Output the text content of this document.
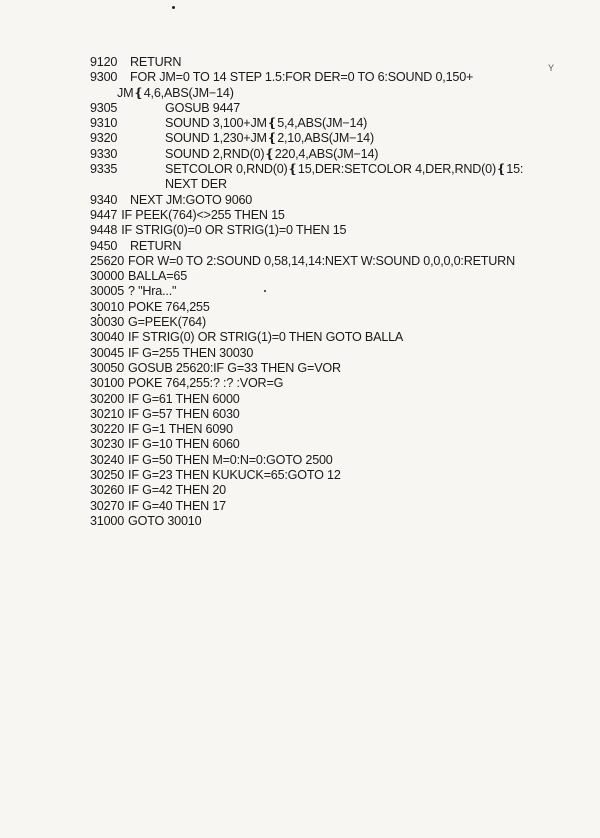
Y
9120	RETURN
9300	FOR JM=0 TO 14 STEP 1.5:FOR DER=0 TO 6:SOUND 0,150+
JM❴4,6,ABS(JM−14)
9305	GOSUB 9447
9310	SOUND 3,100+JM❴5,4,ABS(JM−14)
9320	SOUND 1,230+JM❴2,10,ABS(JM−14)
9330	SOUND 2,RND(0)❴220,4,ABS(JM−14)
9335	SETCOLOR 0,RND(0)❴15,DER:SETCOLOR 4,DER,RND(0)❴15:
NEXT DER
9340	NEXT JM:GOTO 9060
9447 IF PEEK(764)<>255 THEN 15
9448 IF STRIG(0)=0 OR STRIG(1)=0 THEN 15
9450	RETURN
25620 FOR W=0 TO 2:SOUND 0,58,14,14:NEXT W:SOUND 0,0,0,0:RETURN
30000 BALLA=65
30005 ? "Hra..."
30010 POKE 764,255
30030 G=PEEK(764)
30040 IF STRIG(0) OR STRIG(1)=0 THEN GOTO BALLA
30045 IF G=255 THEN 30030
30050 GOSUB 25620:IF G=33 THEN G=VOR
30100 POKE 764,255:? :? :VOR=G
30200 IF G=61 THEN 6000
30210 IF G=57 THEN 6030
30220 IF G=1 THEN 6090
30230 IF G=10 THEN 6060
30240 IF G=50 THEN M=0:N=0:GOTO 2500
30250 IF G=23 THEN KUKUCK=65:GOTO 12
30260 IF G=42 THEN 20
30270 IF G=40 THEN 17
31000 GOTO 30010
